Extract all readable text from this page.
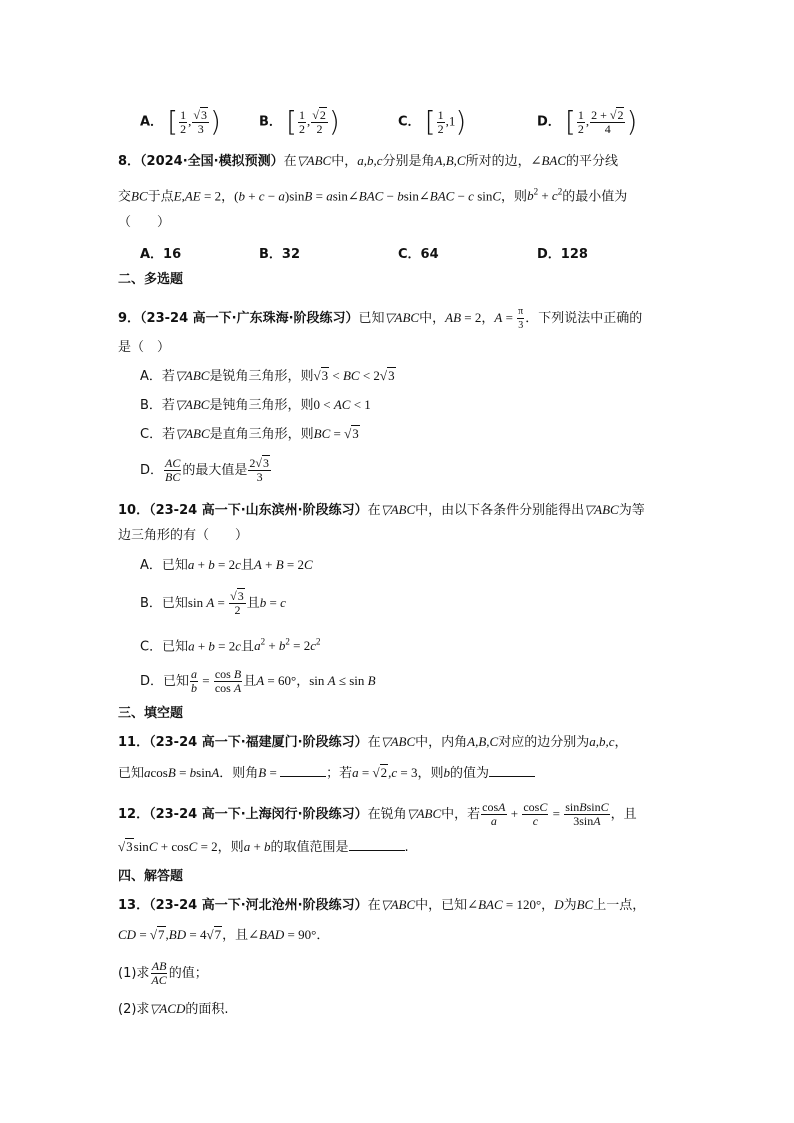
A． [ $\frac{1}{2}$ , $\frac{√3}{3}$ )	B． [ $\frac{1}{2}$ , $\frac{√2}{2}$ )	C． [ $\frac{1}{2} ,1$)	D． [ $\frac{1}{2}$ , $\frac{2 + √2}{4}$ )
8．（2024·全国·模拟预测）在▽ABC中，a,b,c分别是角A,B,C所对的边，∠BAC的平分线
交BC于点E,AE = 2，(b + c − a)sinB = asin∠BAC − bsin∠BAC − c sinC，则$b^2 + c^2$的最小值为
（　　）
A．16	B．32	C．64	D．128
二、多选题
9．（23-24 高一下·广东珠海·阶段练习）已知▽ABC中，AB = 2，$A = \frac{\pi}{3}$ ．下列说法中正确的
是（　）
A．若▽ABC是锐角三角形，则√3 < BC < 2√3
B．若▽ABC是钝角三角形，则0 < AC < 1
C．若▽ABC是直角三角形，则BC = √3
D． $\frac{AC}{BC}$ 的最大值是 $\frac{2√3}{3}$
10．（23-24 高一下·山东滨州·阶段练习）在▽ABC中，由以下各条件分别能得出▽ABC为等
边三角形的有（　　）
A．已知a + b = 2c且A + B = 2C
B．已知$\sin A = \frac{√3}{2}$ 且b = c
C．已知a + b = 2c且$a^2 + b^2 = 2c^2$
D．已知 $\frac{a}{b} = \frac{\text{cos B}}{\text{cos A}}$ 且A = 60°，sin A ≤ sin B
三、填空题
11．（23-24 高一下·福建厦门·阶段练习）在▽ABC中，内角A,B,C对应的边分别为a,b,c，
已知acosB = bsinA．则角B =	；若a = √2,c = 3，则b的值为
12．（23-24 高一下·上海闵行·阶段练习）在锐角▽ABC中，若 $\frac{\cos A}{a} + \frac{\cos C}{c} = \frac{\text{sinBsinC}}{3\sin A}$ ，且
√3sinC + cosC = 2，则a + b的取值范围是	.
四、解答题
13．（23-24 高一下·河北沧州·阶段练习）在▽ABC中，已知∠BAC = 120°，D为BC上一点，
CD = √7,BD = 4√7，且∠BAD = 90°．
(1)求 $\frac{AB}{AC}$ 的值；
(2)求▽ACD的面积.
